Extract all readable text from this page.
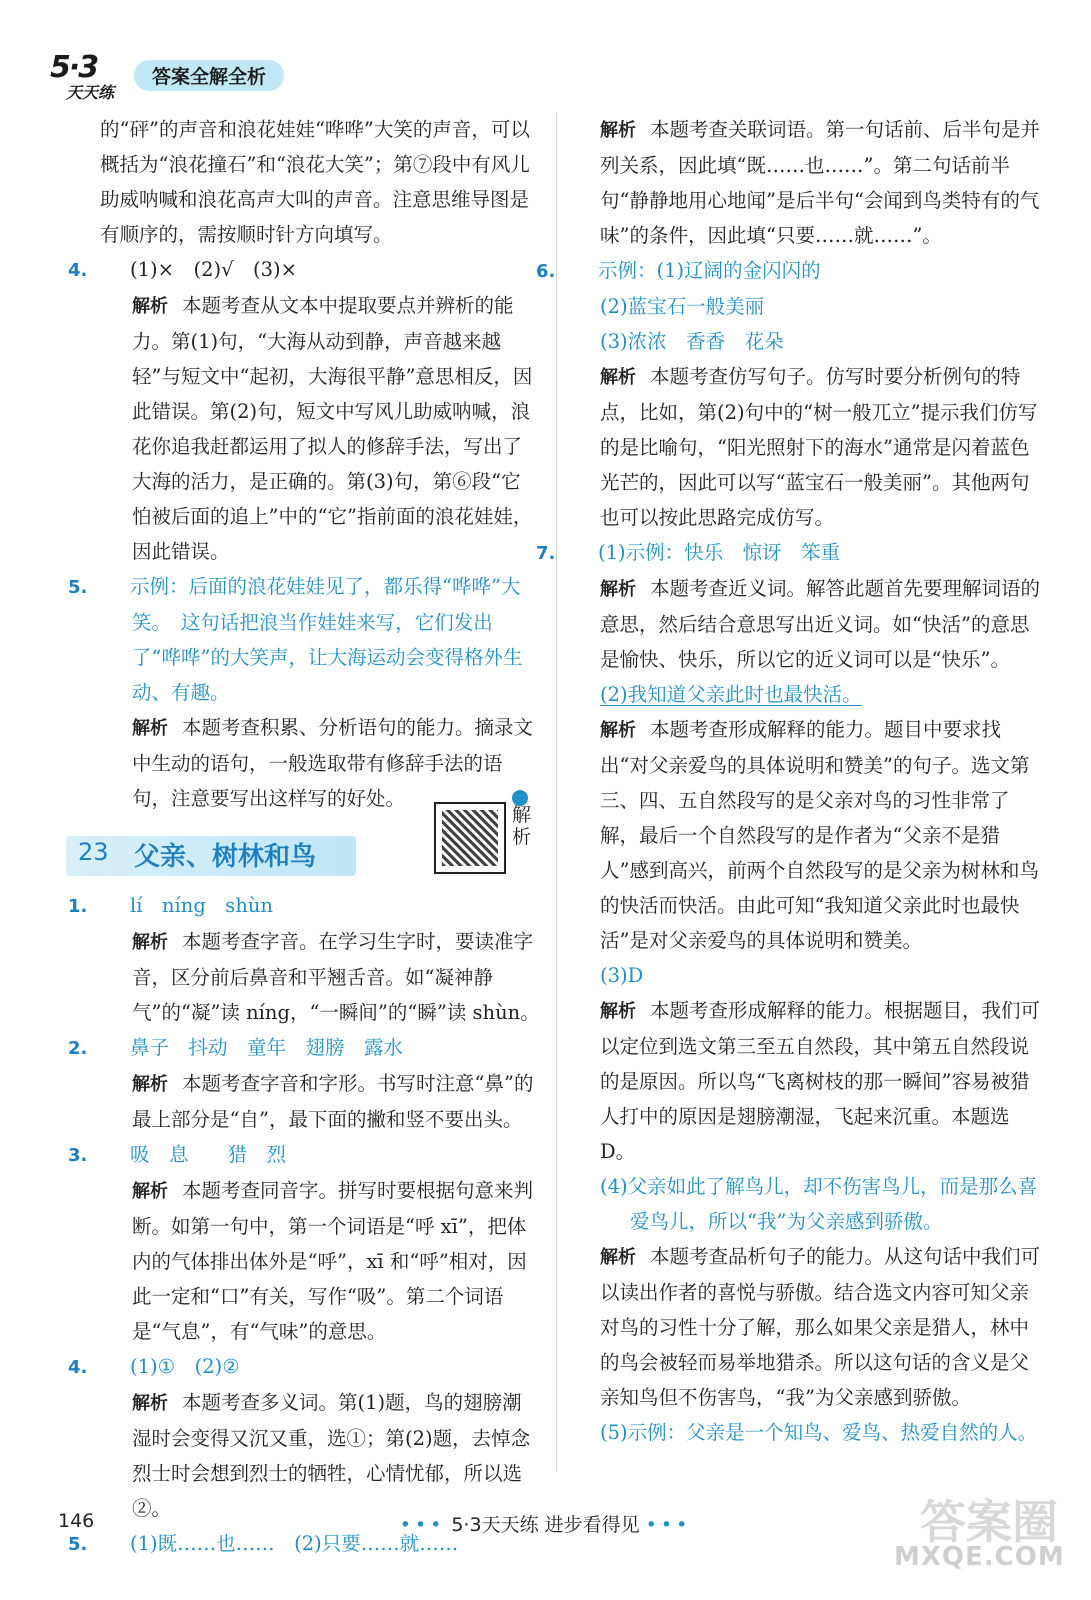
5·3
天天练
答案全解全析

的“砰”的声音和浪花娃娃“哗哗”大笑的声音，可以概括为“浪花撞石”和“浪花大笑”；第⑦段中有风儿助威呐喊和浪花高声大叫的声音。注意思维导图是有顺序的，需按顺时针方向填写。

4. (1)×　(2)√　(3)×

解析 本题考查从文本中提取要点并辨析的能力。第(1)句，“大海从动到静，声音越来越轻”与短文中“起初，大海很平静”意思相反，因此错误。第(2)句，短文中写风儿助威呐喊，浪花你追我赶都运用了拟人的修辞手法，写出了大海的活力，是正确的。第(3)句，第⑥段“它怕被后面的追上”中的“它”指前面的浪花娃娃，因此错误。

5. 示例：后面的浪花娃娃见了，都乐得“哗哗”大笑。　这句话把浪当作娃娃来写，它们发出了“哗哗”的大笑声，让大海运动会变得格外生动、有趣。

解析 本题考查积累、分析语句的能力。摘录文中生动的语句，一般选取带有修辞手法的语句，注意要写出这样写的好处。

23 父亲、树林和鸟
解析

1. lí　níng　shùn

解析 本题考查字音。在学习生字时，要读准字音，区分前后鼻音和平翘舌音。如“凝神静气”的“凝”读 níng，“一瞬间”的“瞬”读 shùn。

2. 鼻子　抖动　童年　翅膀　露水

解析 本题考查字音和字形。书写时注意“鼻”的最上部分是“自”，最下面的撇和竖不要出头。

3. 吸　息　　猎　烈

解析 本题考查同音字。拼写时要根据句意来判断。如第一句中，第一个词语是“呼 xī”，把体内的气体排出体外是“呼”，xī 和“呼”相对，因此一定和“口”有关，写作“吸”。第二个词语是“气息”，有“气味”的意思。

4. (1)①　(2)②

解析 本题考查多义词。第(1)题，鸟的翅膀潮湿时会变得又沉又重，选①；第(2)题，去悼念烈士时会想到烈士的牺牲，心情忧郁，所以选②。

5. (1)既……也……　(2)只要……就……

解析 本题考查关联词语。第一句话前、后半句是并列关系，因此填“既……也……”。第二句话前半句“静静地用心地闻”是后半句“会闻到鸟类特有的气味”的条件，因此填“只要……就……”。

6. 示例：(1)辽阔的金闪闪的

(2)蓝宝石一般美丽

(3)浓浓　香香　花朵

解析 本题考查仿写句子。仿写时要分析例句的特点，比如，第(2)句中的“树一般兀立”提示我们仿写的是比喻句，“阳光照射下的海水”通常是闪着蓝色光芒的，因此可以写“蓝宝石一般美丽”。其他两句也可以按此思路完成仿写。

7. (1)示例：快乐　惊讶　笨重

解析 本题考查近义词。解答此题首先要理解词语的意思，然后结合意思写出近义词。如“快活”的意思是愉快、快乐，所以它的近义词可以是“快乐”。

(2)我知道父亲此时也最快活。

解析 本题考查形成解释的能力。题目中要求找出“对父亲爱鸟的具体说明和赞美”的句子。选文第三、四、五自然段写的是父亲对鸟的习性非常了解，最后一个自然段写的是作者为“父亲不是猎人”感到高兴，前两个自然段写的是父亲为树林和鸟的快活而快活。由此可知“我知道父亲此时也最快活”是对父亲爱鸟的具体说明和赞美。

(3)D

解析 本题考查形成解释的能力。根据题目，我们可以定位到选文第三至五自然段，其中第五自然段说的是原因。所以鸟“飞离树枝的那一瞬间”容易被猎人打中的原因是翅膀潮湿，飞起来沉重。本题选 D。

(4)父亲如此了解鸟儿，却不伤害鸟儿，而是那么喜爱鸟儿，所以“我”为父亲感到骄傲。

解析 本题考查品析句子的能力。从这句话中我们可以读出作者的喜悦与骄傲。结合选文内容可知父亲对鸟的习性十分了解，那么如果父亲是猎人，林中的鸟会被轻而易举地猎杀。所以这句话的含义是父亲知鸟但不伤害鸟，“我”为父亲感到骄傲。

(5)示例：父亲是一个知鸟、爱鸟、热爱自然的人。

146	••• 5·3天天练 进步看得见 •••	答案圈
MXQE.COM
